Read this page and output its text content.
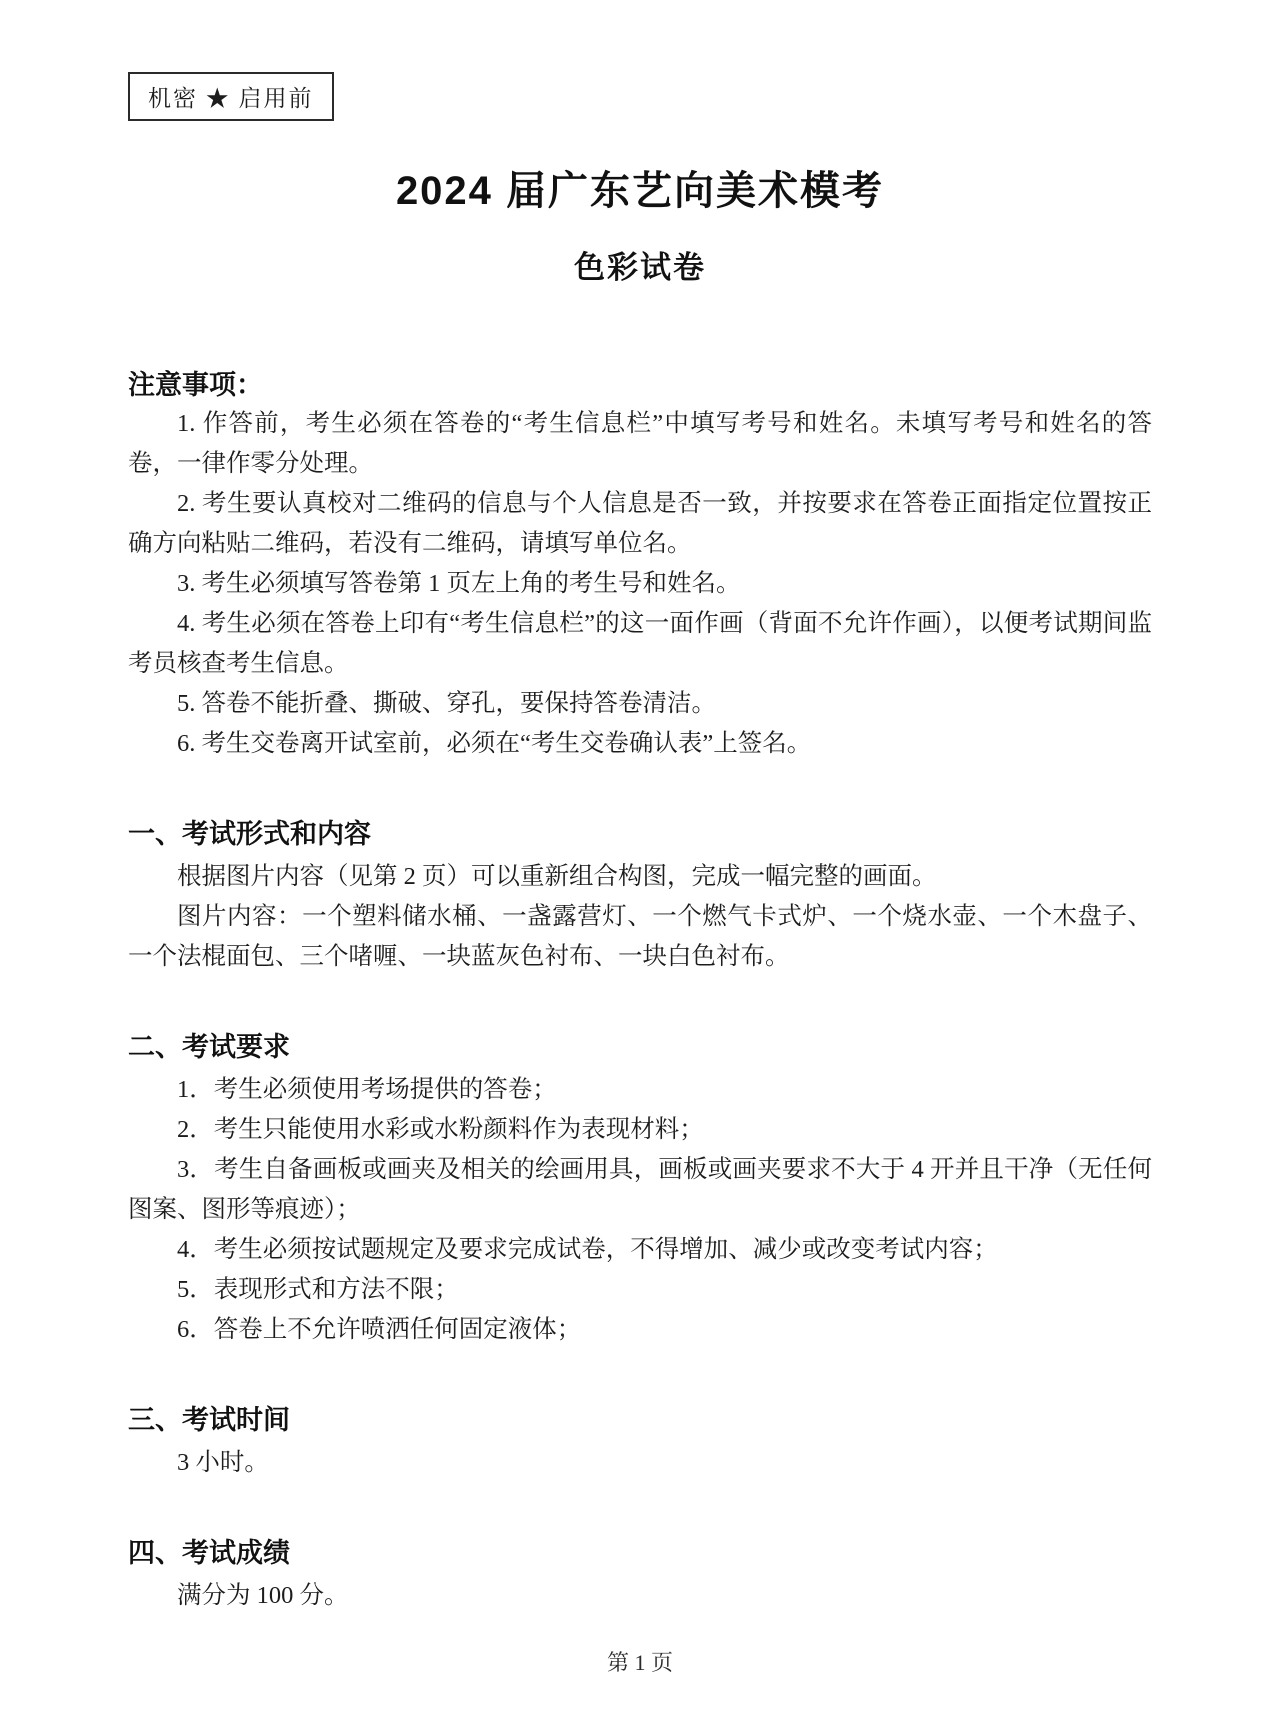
机密 ★ 启用前
2024 届广东艺向美术模考
色彩试卷
注意事项：

1. 作答前，考生必须在答卷的“考生信息栏”中填写考号和姓名。未填写考号和姓名的答卷，一律作零分处理。

2. 考生要认真校对二维码的信息与个人信息是否一致，并按要求在答卷正面指定位置按正确方向粘贴二维码，若没有二维码，请填写单位名。

3. 考生必须填写答卷第 1 页左上角的考生号和姓名。

4. 考生必须在答卷上印有“考生信息栏”的这一面作画（背面不允许作画），以便考试期间监考员核查考生信息。

5. 答卷不能折叠、撕破、穿孔，要保持答卷清洁。

6. 考生交卷离开试室前，必须在“考生交卷确认表”上签名。

一、考试形式和内容

根据图片内容（见第 2 页）可以重新组合构图，完成一幅完整的画面。

图片内容：一个塑料储水桶、一盏露营灯、一个燃气卡式炉、一个烧水壶、一个木盘子、一个法棍面包、三个啫喱、一块蓝灰色衬布、一块白色衬布。

二、考试要求

1．考生必须使用考场提供的答卷；

2．考生只能使用水彩或水粉颜料作为表现材料；

3．考生自备画板或画夹及相关的绘画用具，画板或画夹要求不大于 4 开并且干净（无任何图案、图形等痕迹）；

4．考生必须按试题规定及要求完成试卷，不得增加、减少或改变考试内容；

5．表现形式和方法不限；

6．答卷上不允许喷洒任何固定液体；

三、考试时间

3 小时。

四、考试成绩

满分为 100 分。

第 1 页
